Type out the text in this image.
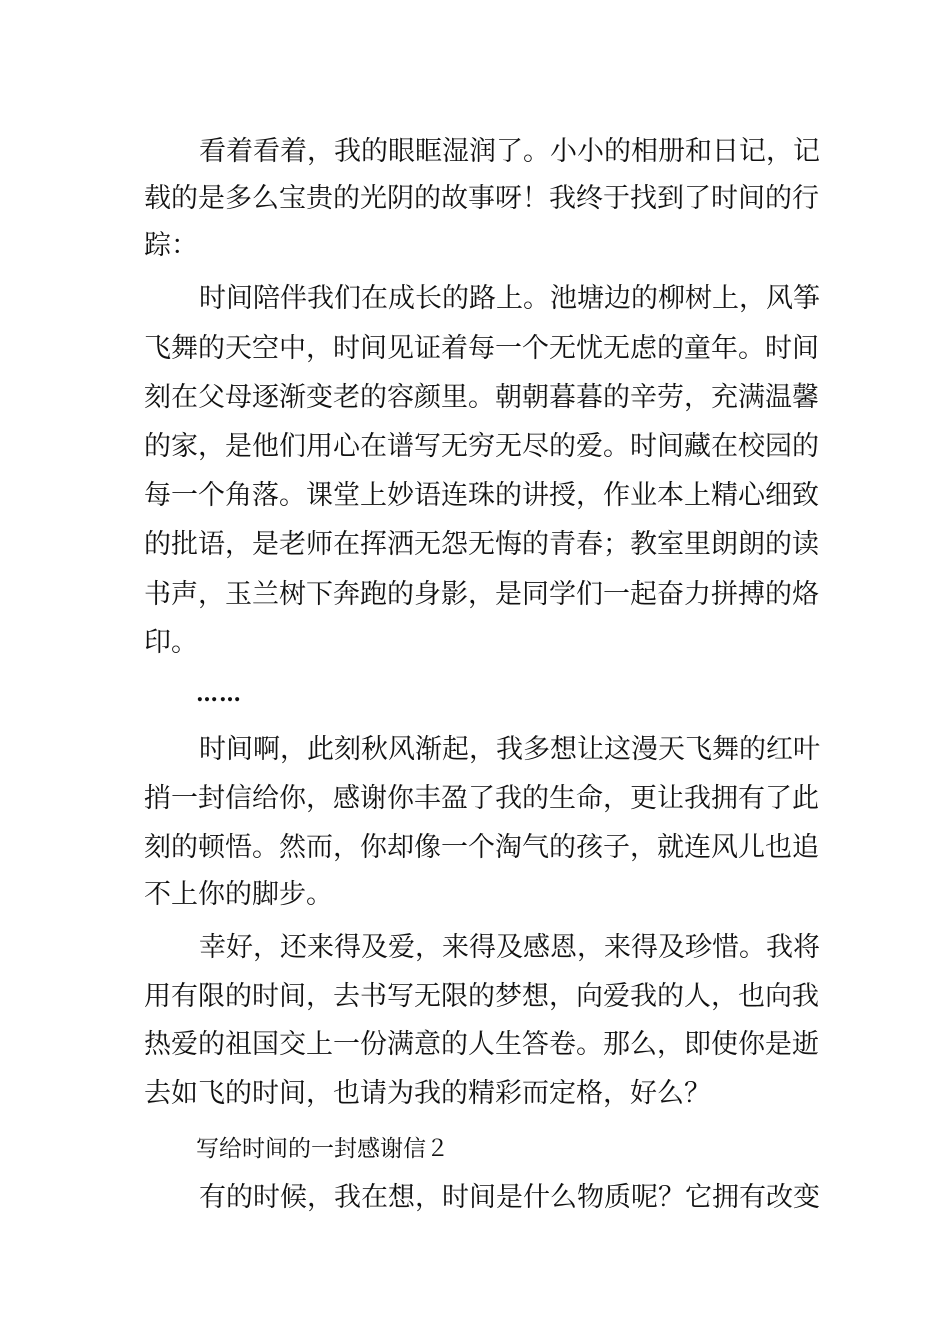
看着看着，我的眼眶湿润了。小小的相册和日记，记
载的是多么宝贵的光阴的故事呀！我终于找到了时间的行
踪：
时间陪伴我们在成长的路上。池塘边的柳树上，风筝
飞舞的天空中，时间见证着每一个无忧无虑的童年。时间
刻在父母逐渐变老的容颜里。朝朝暮暮的辛劳，充满温馨
的家，是他们用心在谱写无穷无尽的爱。时间藏在校园的
每一个角落。课堂上妙语连珠的讲授，作业本上精心细致
的批语，是老师在挥洒无怨无悔的青春；教室里朗朗的读
书声，玉兰树下奔跑的身影，是同学们一起奋力拼搏的烙
印。
……
时间啊，此刻秋风渐起，我多想让这漫天飞舞的红叶
捎一封信给你，感谢你丰盈了我的生命，更让我拥有了此
刻的顿悟。然而，你却像一个淘气的孩子，就连风儿也追
不上你的脚步。
幸好，还来得及爱，来得及感恩，来得及珍惜。我将
用有限的时间，去书写无限的梦想，向爱我的人，也向我
热爱的祖国交上一份满意的人生答卷。那么，即使你是逝
去如飞的时间，也请为我的精彩而定格，好么？
写给时间的一封感谢信２
有的时候，我在想，时间是什么物质呢？它拥有改变
